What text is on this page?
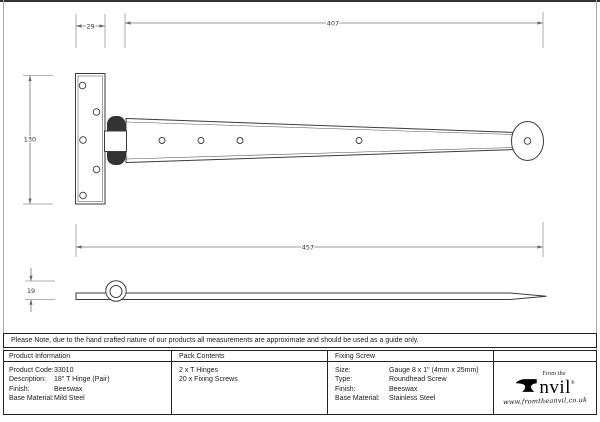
29	407
130
457
19
Please Note, due to the hand crafted nature of our products all measurements are approximate and should be used as a guide only.
Product Information	Pack Contents	Fixing Screw
Product Code: 33010
Description:	18" T Hinge (Pair)
Finish:	Beeswax
Base Material: Mild Steel
2 x T Hinges
20 x Fixing Screws
Size:	Gauge 8 x 1" (4mm x 25mm)
Type:	Roundhead Screw
Finish:	Beeswax
Base Material:	Stainless Steel
From the
nvil®
www.fromtheanvil.co.uk
